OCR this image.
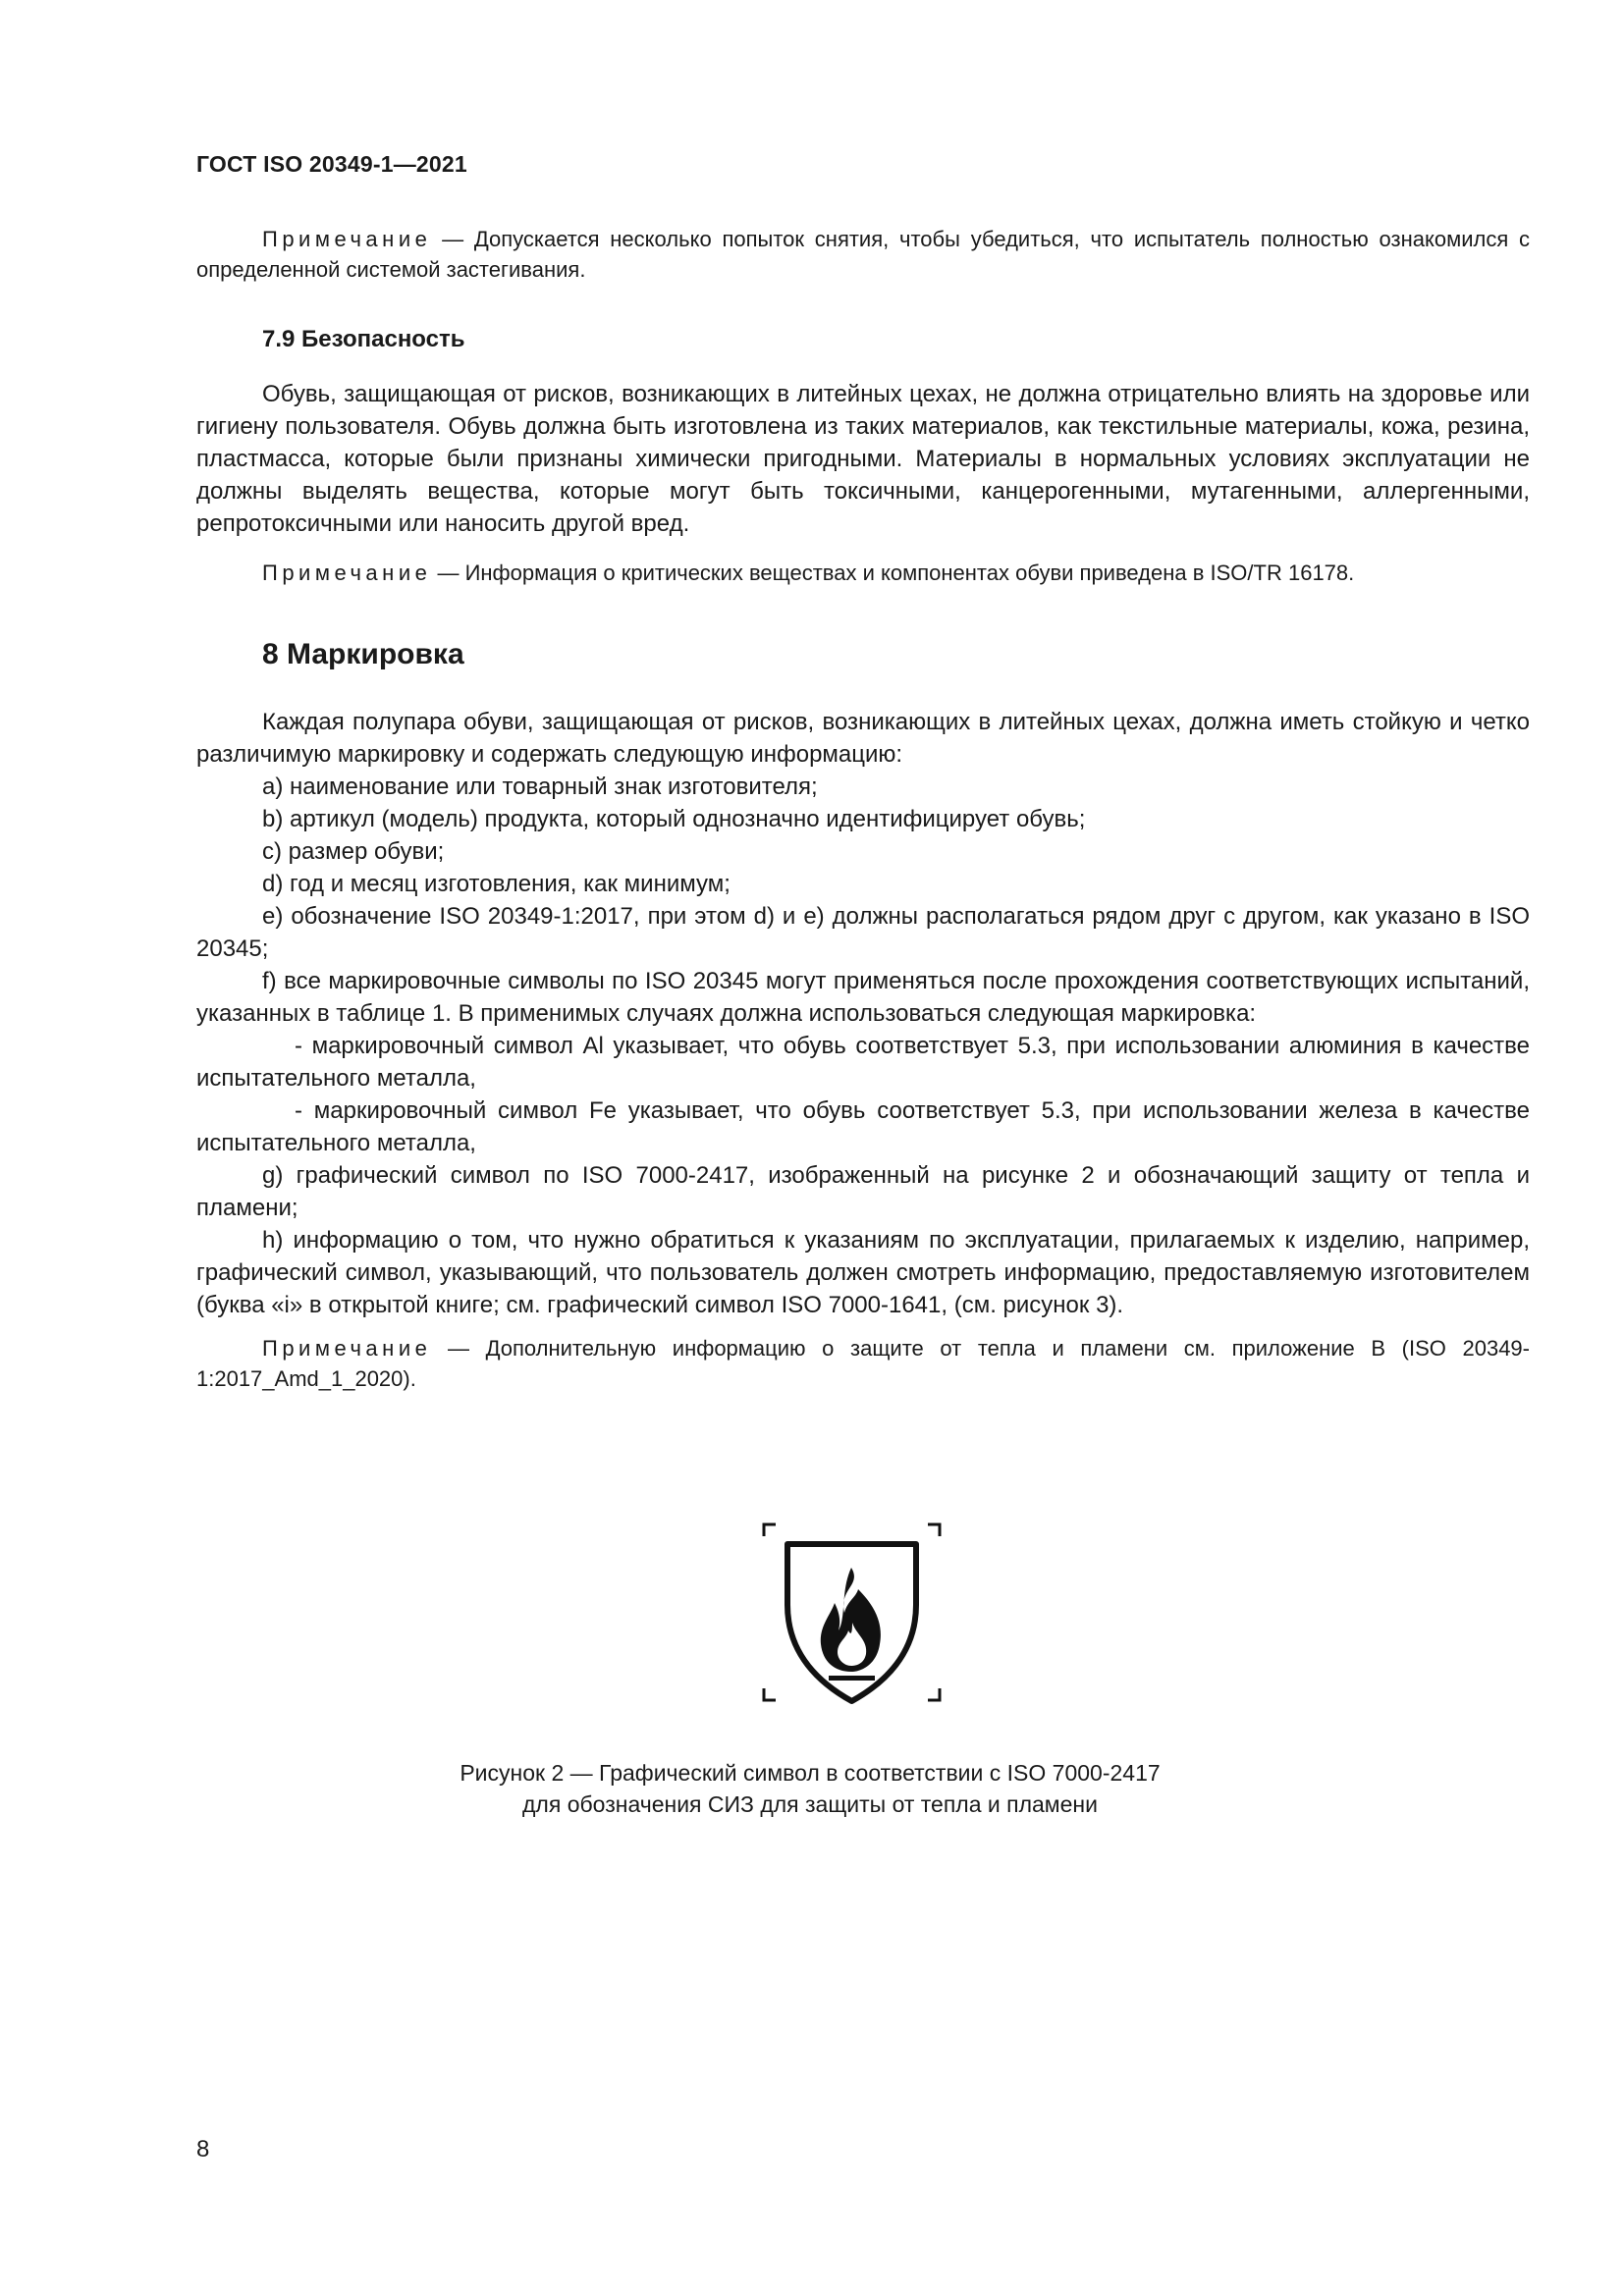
ГОСТ ISO 20349-1—2021
Примечание — Допускается несколько попыток снятия, чтобы убедиться, что испытатель полностью ознакомился с определенной системой застегивания.
7.9 Безопасность
Обувь, защищающая от рисков, возникающих в литейных цехах, не должна отрицательно влиять на здоровье или гигиену пользователя. Обувь должна быть изготовлена из таких материалов, как текстильные материалы, кожа, резина, пластмасса, которые были признаны химически пригодными. Материалы в нормальных условиях эксплуатации не должны выделять вещества, которые могут быть токсичными, канцерогенными, мутагенными, аллергенными, репротоксичными или наносить другой вред.
Примечание — Информация о критических веществах и компонентах обуви приведена в ISO/TR 16178.
8 Маркировка

Каждая полупара обуви, защищающая от рисков, возникающих в литейных цехах, должна иметь стойкую и четко различимую маркировку и содержать следующую информацию:

a) наименование или товарный знак изготовителя;

b) артикул (модель) продукта, который однозначно идентифицирует обувь;

c) размер обуви;

d) год и месяц изготовления, как минимум;

e) обозначение ISO 20349-1:2017, при этом d) и e) должны располагаться рядом друг с другом, как указано в ISO 20345;

f) все маркировочные символы по ISO 20345 могут применяться после прохождения соответствующих испытаний, указанных в таблице 1. В применимых случаях должна использоваться следующая маркировка:

- маркировочный символ Al указывает, что обувь соответствует 5.3, при использовании алюминия в качестве испытательного металла,

- маркировочный символ Fe указывает, что обувь соответствует 5.3, при использовании железа в качестве испытательного металла,

g) графический символ по ISO 7000-2417, изображенный на рисунке 2 и обозначающий защиту от тепла и пламени;

h) информацию о том, что нужно обратиться к указаниям по эксплуатации, прилагаемых к изделию, например, графический символ, указывающий, что пользователь должен смотреть информацию, предоставляемую изготовителем (буква «i» в открытой книге; см. графический символ ISO 7000-1641, (см. рисунок 3).

Примечание — Дополнительную информацию о защите от тепла и пламени см. приложение В (ISO 20349-1:2017_Amd_1_2020).

Рисунок 2 — Графический символ в соответствии с ISO 7000-2417
для обозначения СИЗ для защиты от тепла и пламени
8
